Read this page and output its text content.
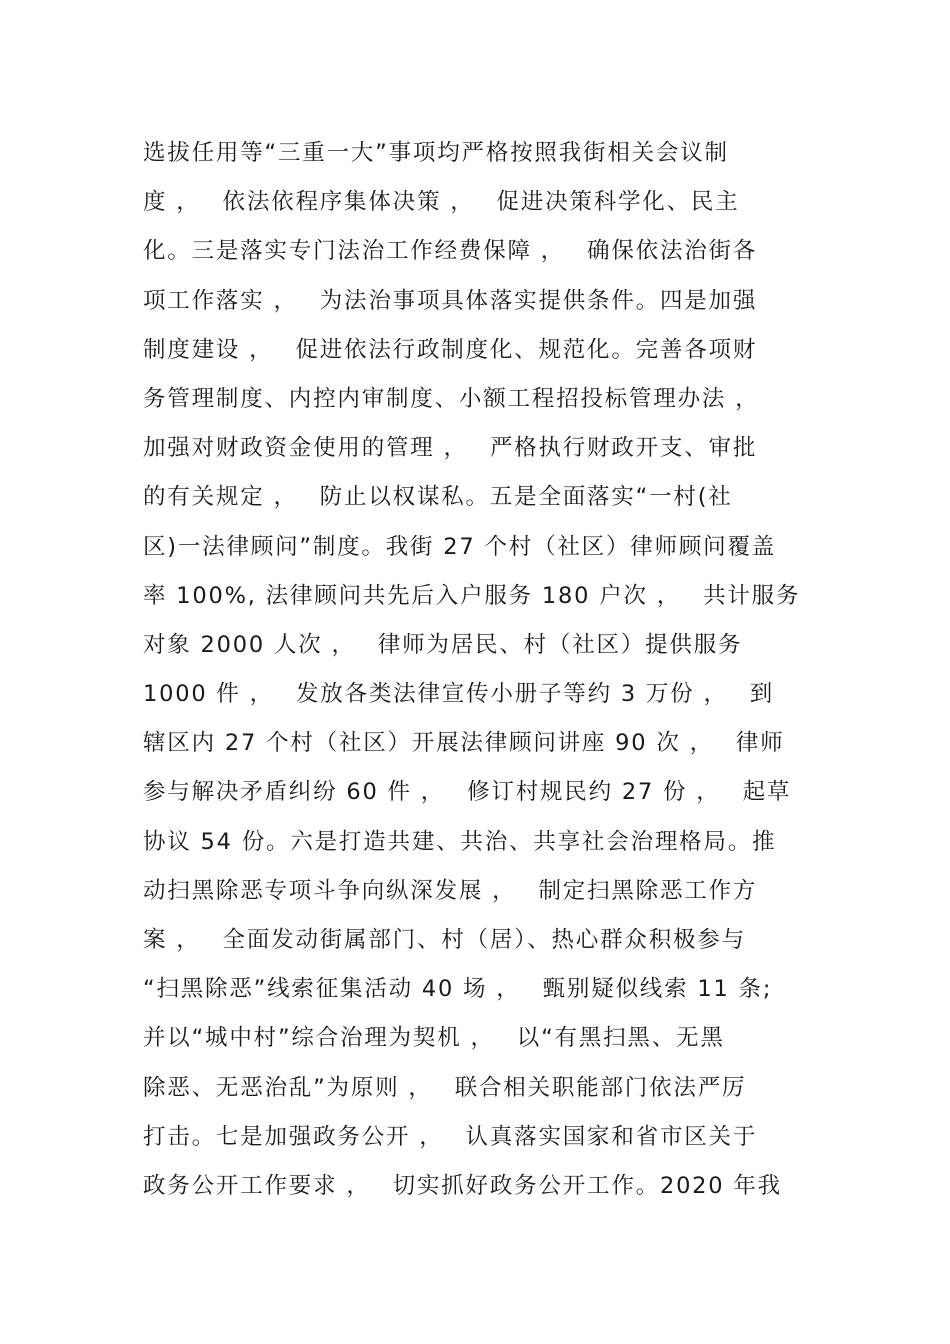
选拔任用等“三重一大”事项均严格按照我街相关会议制
度 ，　 依法依程序集体决策 ，　 促进决策科学化、民主
化。三是落实专门法治工作经费保障 ，　 确保依法治街各
项工作落实 ，　 为法治事项具体落实提供条件。四是加强
制度建设 ，　 促进依法行政制度化、规范化。完善各项财
务管理制度、内控内审制度、小额工程招投标管理办法 ，
加强对财政资金使用的管理 ，　 严格执行财政开支、审批
的有关规定 ，　 防止以权谋私。五是全面落实“一村(社
区)一法律顾问”制度。我街 27 个村（社区）律师顾问覆盖
率 100%, 法律顾问共先后入户服务 180 户次 ，　 共计服务
对象 2000 人次 ，　 律师为居民、村（社区）提供服务
1000 件 ，　 发放各类法律宣传小册子等约 3 万份 ，　 到
辖区内 27 个村（社区）开展法律顾问讲座 90 次 ，　 律师
参与解决矛盾纠纷 60 件 ，　 修订村规民约 27 份 ，　 起草
协议 54 份。六是打造共建、共治、共享社会治理格局。推
动扫黑除恶专项斗争向纵深发展 ，　 制定扫黑除恶工作方
案 ，　 全面发动街属部门、村（居）、热心群众积极参与
“扫黑除恶”线索征集活动 40 场 ，　 甄别疑似线索 11 条;
并以“城中村”综合治理为契机 ，　 以“有黑扫黑、无黑
除恶、无恶治乱”为原则 ，　 联合相关职能部门依法严厉
打击。七是加强政务公开 ，　 认真落实国家和省市区关于
政务公开工作要求 ，　 切实抓好政务公开工作。2020 年我
